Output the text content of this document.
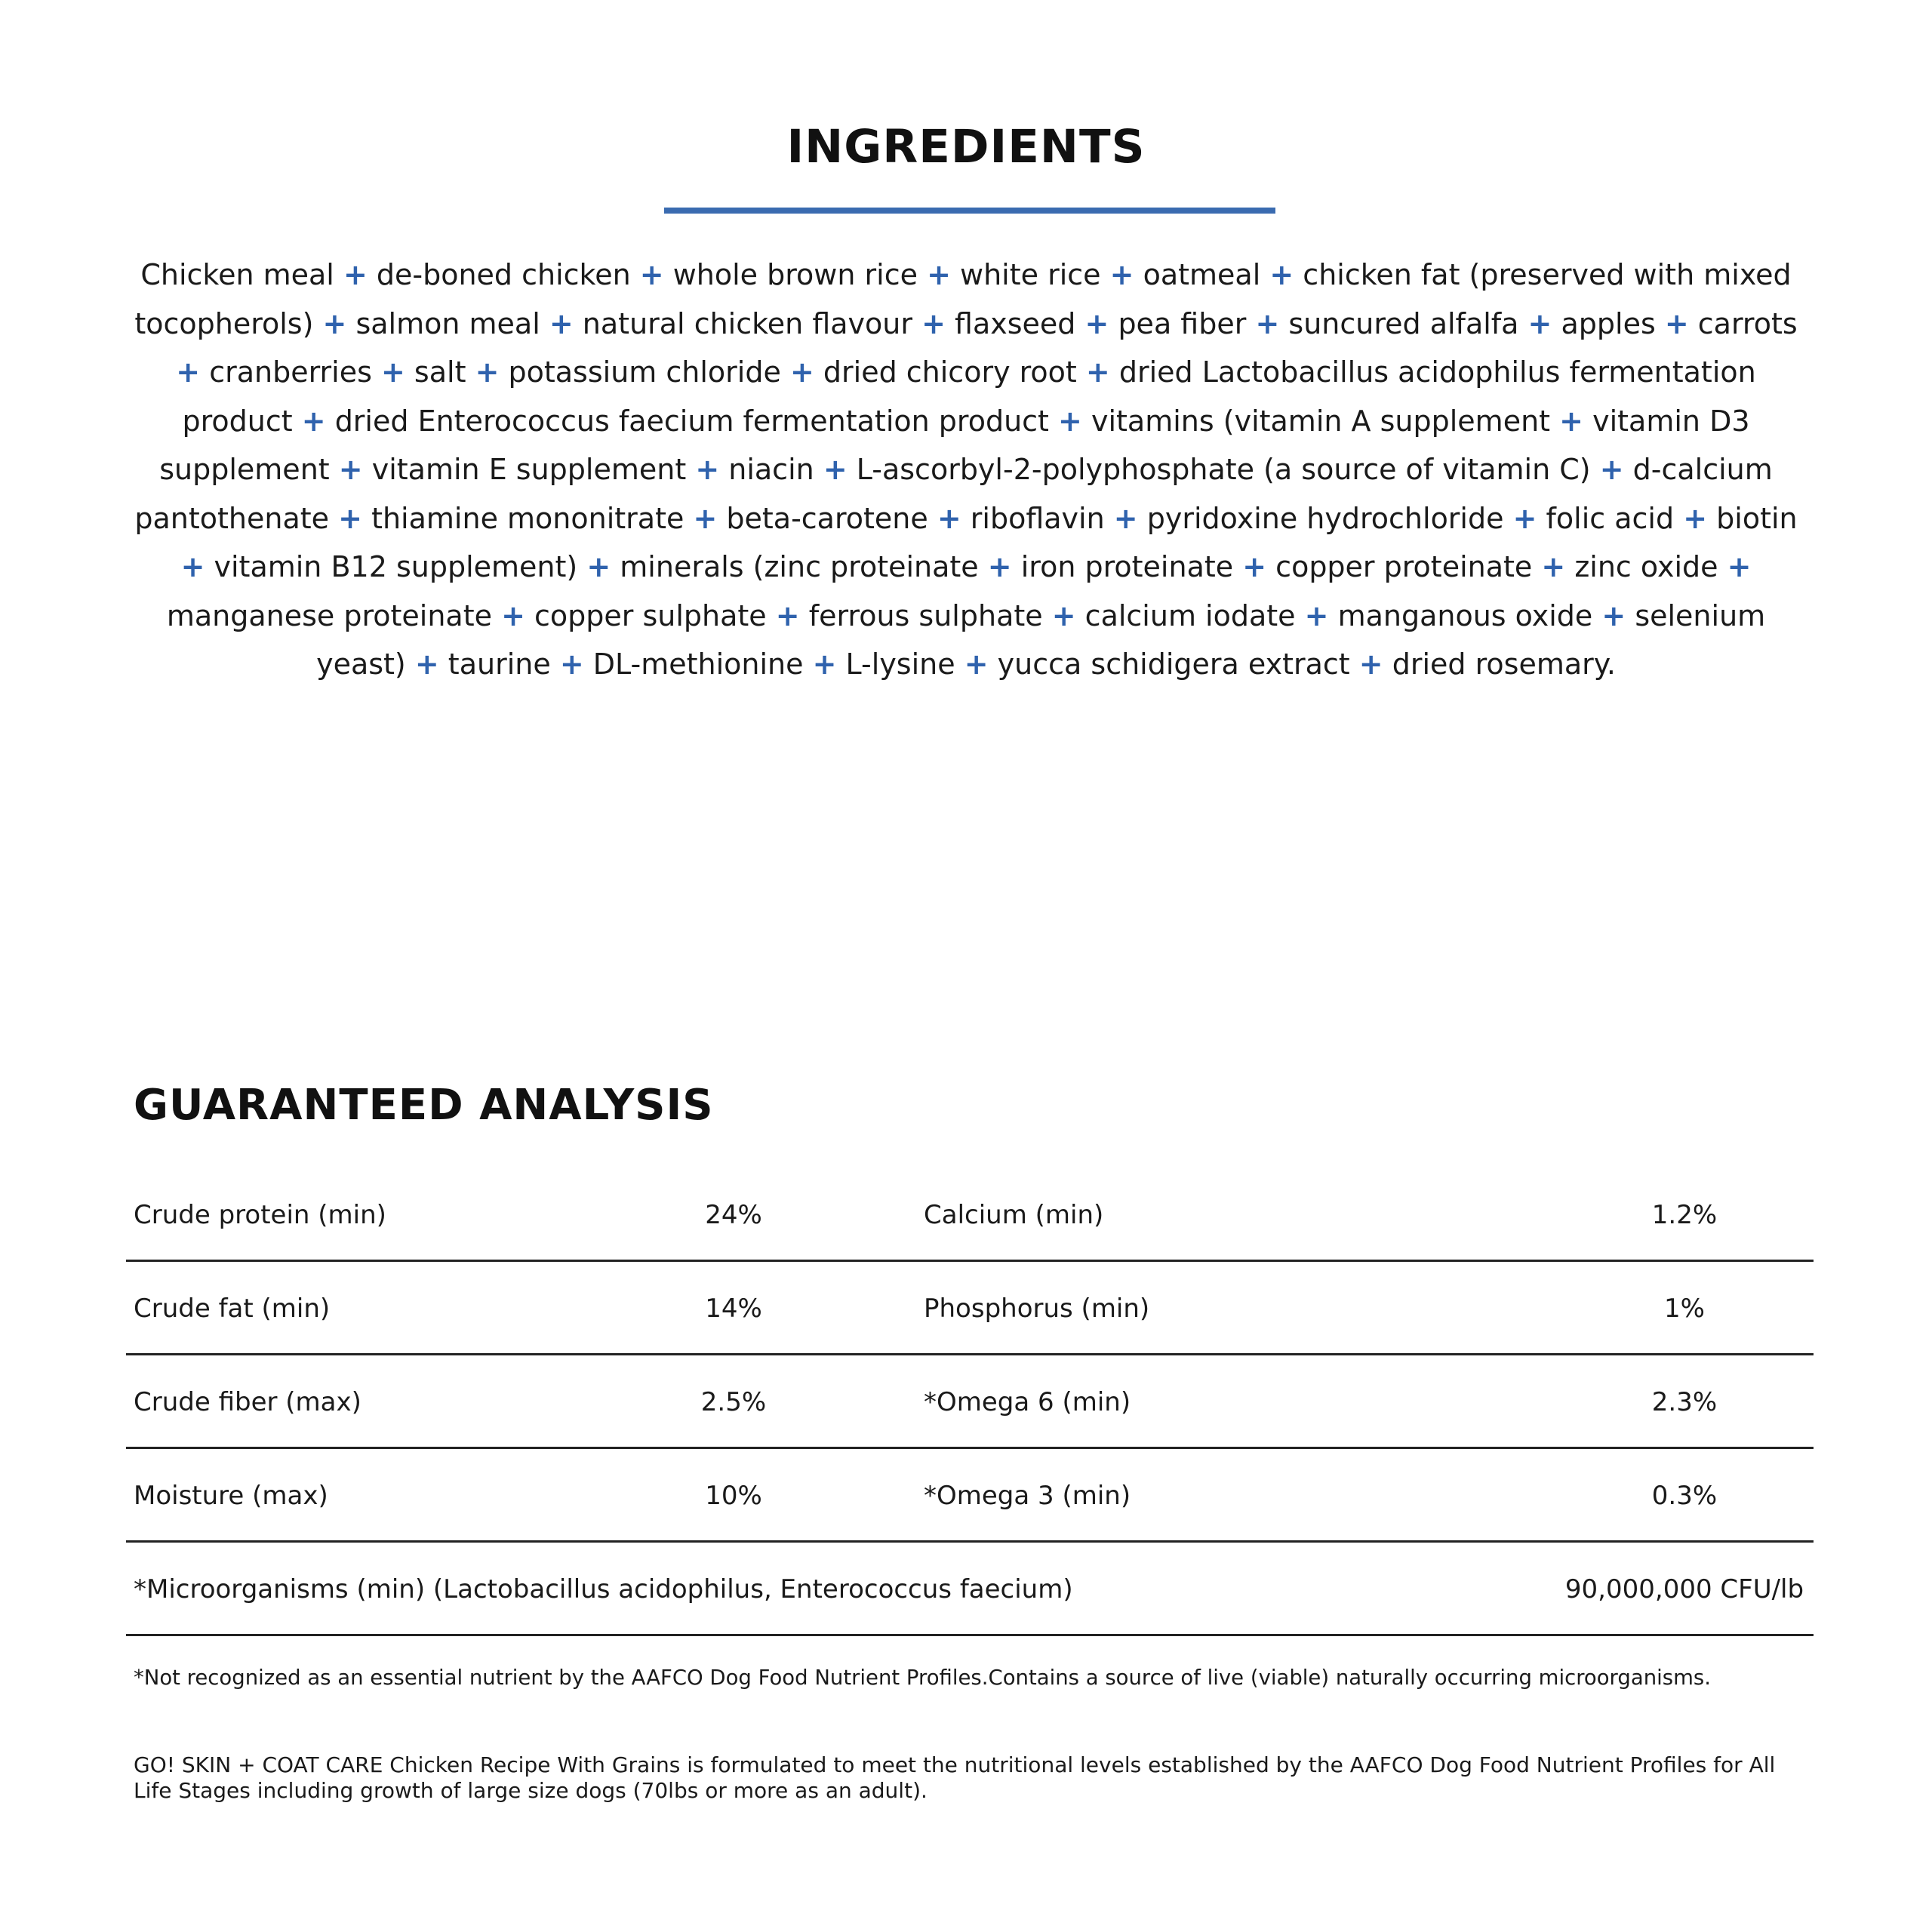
INGREDIENTS

Chicken meal + de-boned chicken + whole brown rice + white rice + oatmeal + chicken fat (preserved with mixed tocopherols) + salmon meal + natural chicken flavour + flaxseed + pea fiber + suncured alfalfa + apples + carrots + cranberries + salt + potassium chloride + dried chicory root + dried Lactobacillus acidophilus fermentation product + dried Enterococcus faecium fermentation product + vitamins (vitamin A supplement + vitamin D3 supplement + vitamin E supplement + niacin + L-ascorbyl-2-polyphosphate (a source of vitamin C) + d-calcium pantothenate + thiamine mononitrate + beta-carotene + riboflavin + pyridoxine hydrochloride + folic acid + biotin + vitamin B12 supplement) + minerals (zinc proteinate + iron proteinate + copper proteinate + zinc oxide + manganese proteinate + copper sulphate + ferrous sulphate + calcium iodate + manganous oxide + selenium yeast) + taurine + DL-methionine + L-lysine + yucca schidigera extract + dried rosemary.

GUARANTEED ANALYSIS
Crude protein (min)	24%	Calcium (min)	1.2%
Crude fat (min)	14%	Phosphorus (min)	1%
Crude fiber (max)	2.5%	*Omega 6 (min)	2.3%
Moisture (max)	10%	*Omega 3 (min)	0.3%
*Microorganisms (min) (Lactobacillus acidophilus, Enterococcus faecium)	90,000,000 CFU/lb

*Not recognized as an essential nutrient by the AAFCO Dog Food Nutrient Profiles.Contains a source of live (viable) naturally occurring microorganisms.

GO! SKIN + COAT CARE Chicken Recipe With Grains is formulated to meet the nutritional levels established by the AAFCO Dog Food Nutrient Profiles for All Life Stages including growth of large size dogs (70lbs or more as an adult).
